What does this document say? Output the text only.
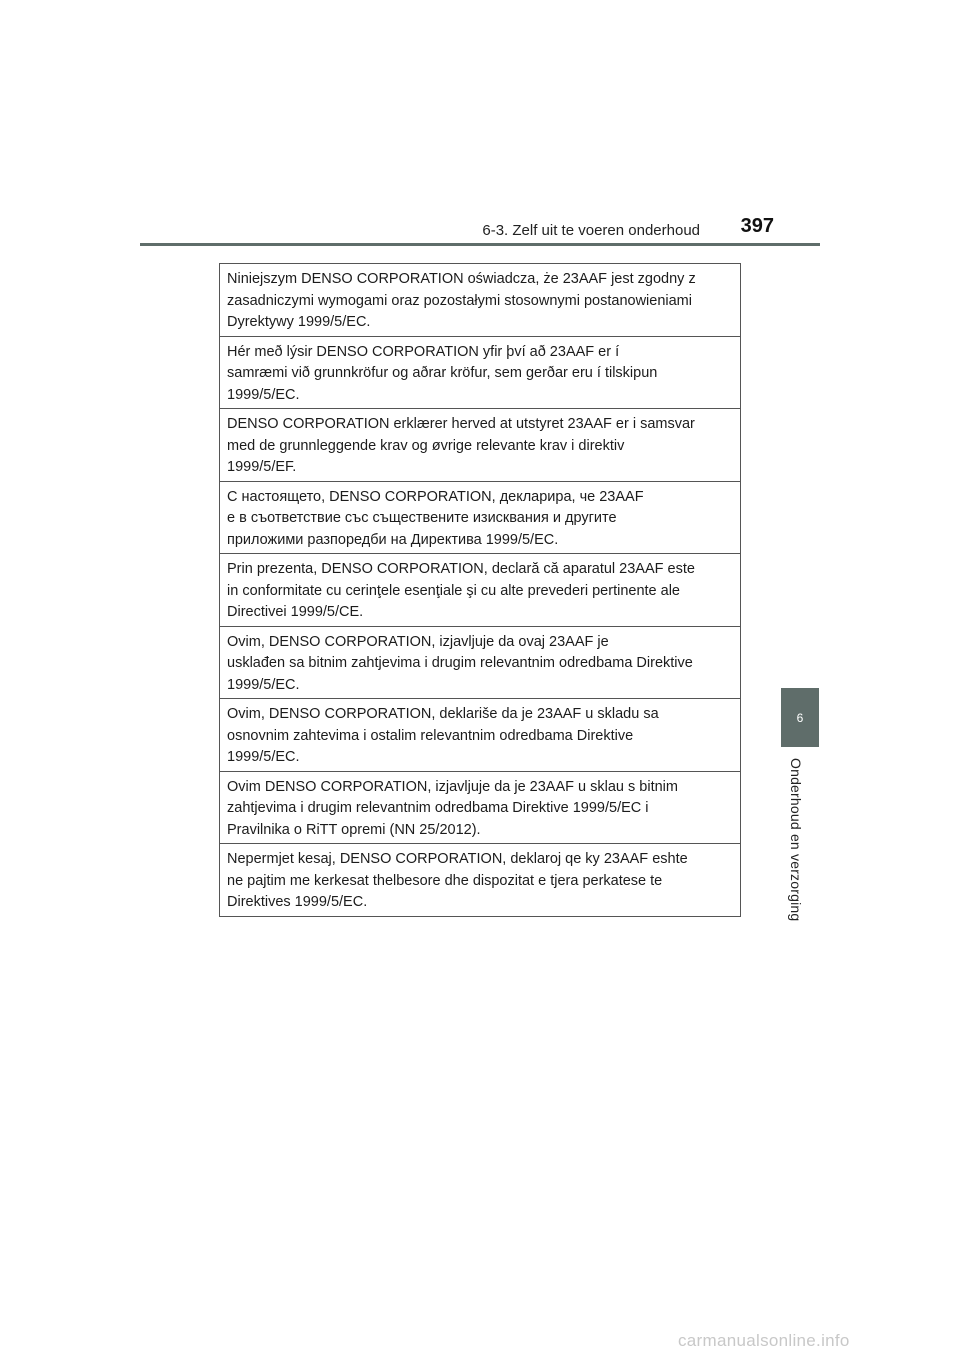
6-3. Zelf uit te voeren onderhoud 397
6
Onderhoud en verzorging
Niniejszym DENSO CORPORATION oświadcza, że 23AAF jest zgodny z
zasadniczymi wymogami oraz pozostałymi stosownymi postanowieniami
Dyrektywy 1999/5/EC.
Hér með lýsir DENSO CORPORATION yfir því að 23AAF er í
samræmi við grunnkröfur og aðrar kröfur, sem gerðar eru í tilskipun
1999/5/EC.
DENSO CORPORATION erklærer herved at utstyret 23AAF er i samsvar
med de grunnleggende krav og øvrige relevante krav i direktiv
1999/5/EF.
С настоящето, DENSO CORPORATION, декларира, че 23AAF
е в съответствие със съществените изисквания и другите
приложими разпоредби на Директива 1999/5/EC.
Prin prezenta, DENSO CORPORATION, declară că aparatul 23AAF este
in conformitate cu cerinţele esenţiale şi cu alte prevederi pertinente ale
Directivei 1999/5/CE.
Ovim, DENSO CORPORATION, izjavljuje da ovaj 23AAF je
usklađen sa bitnim zahtjevima i drugim relevantnim odredbama Direktive
1999/5/EC.
Ovim, DENSO CORPORATION, deklariše da je 23AAF u skladu sa
osnovnim zahtevima i ostalim relevantnim odredbama Direktive
1999/5/EC.
Ovim DENSO CORPORATION, izjavljuje da je 23AAF u sklau s bitnim
zahtjevima i drugim relevantnim odredbama Direktive 1999/5/EC i
Pravilnika o RiTT opremi (NN 25/2012).
Nepermjet kesaj, DENSO CORPORATION, deklaroj qe ky 23AAF eshte
ne pajtim me kerkesat thelbesore dhe dispozitat e tjera perkatese te
Direktives 1999/5/EC.
carmanualsonline.info
